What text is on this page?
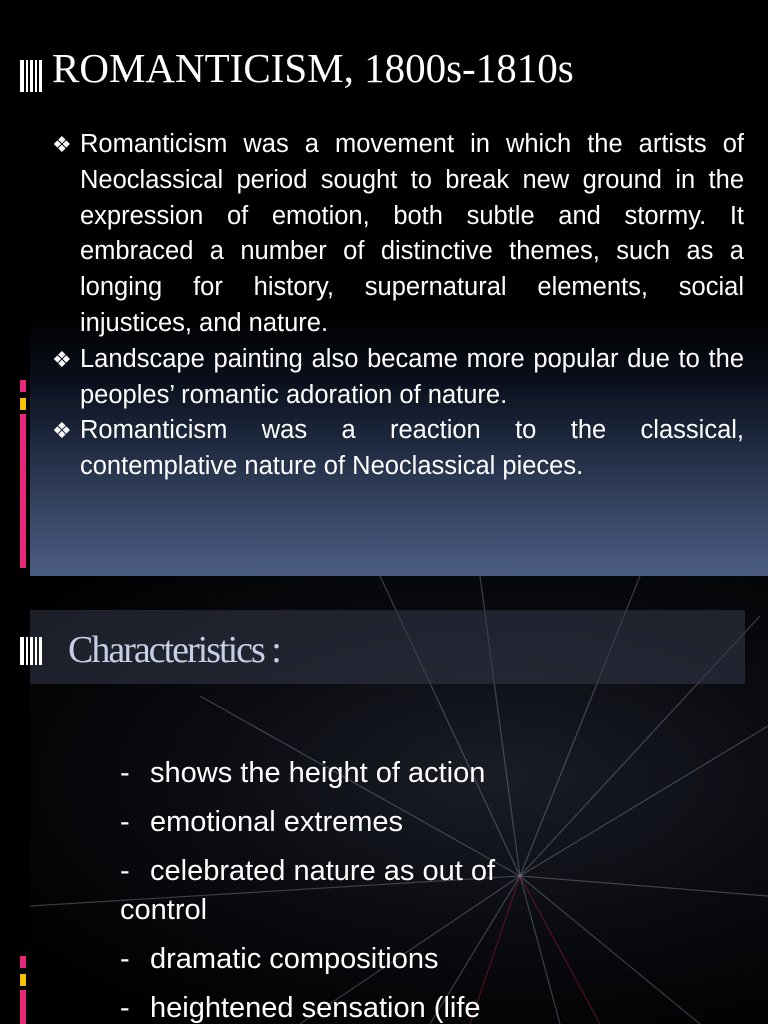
ROMANTICISM, 1800s-1810s
❖ Romanticism was a movement in which the artists of Neoclassical period sought to break new ground in the expression of emotion, both subtle and stormy. It embraced a number of distinctive themes, such as a longing for history, supernatural elements, social injustices, and nature.
❖ Landscape painting also became more popular due to the peoples’ romantic adoration of nature.
❖ Romanticism was a reaction to the classical, contemplative nature of Neoclassical pieces.
Characteristics :
- shows the height of action
- emotional extremes
- celebrated nature as out of control
- dramatic compositions
- heightened sensation (life
